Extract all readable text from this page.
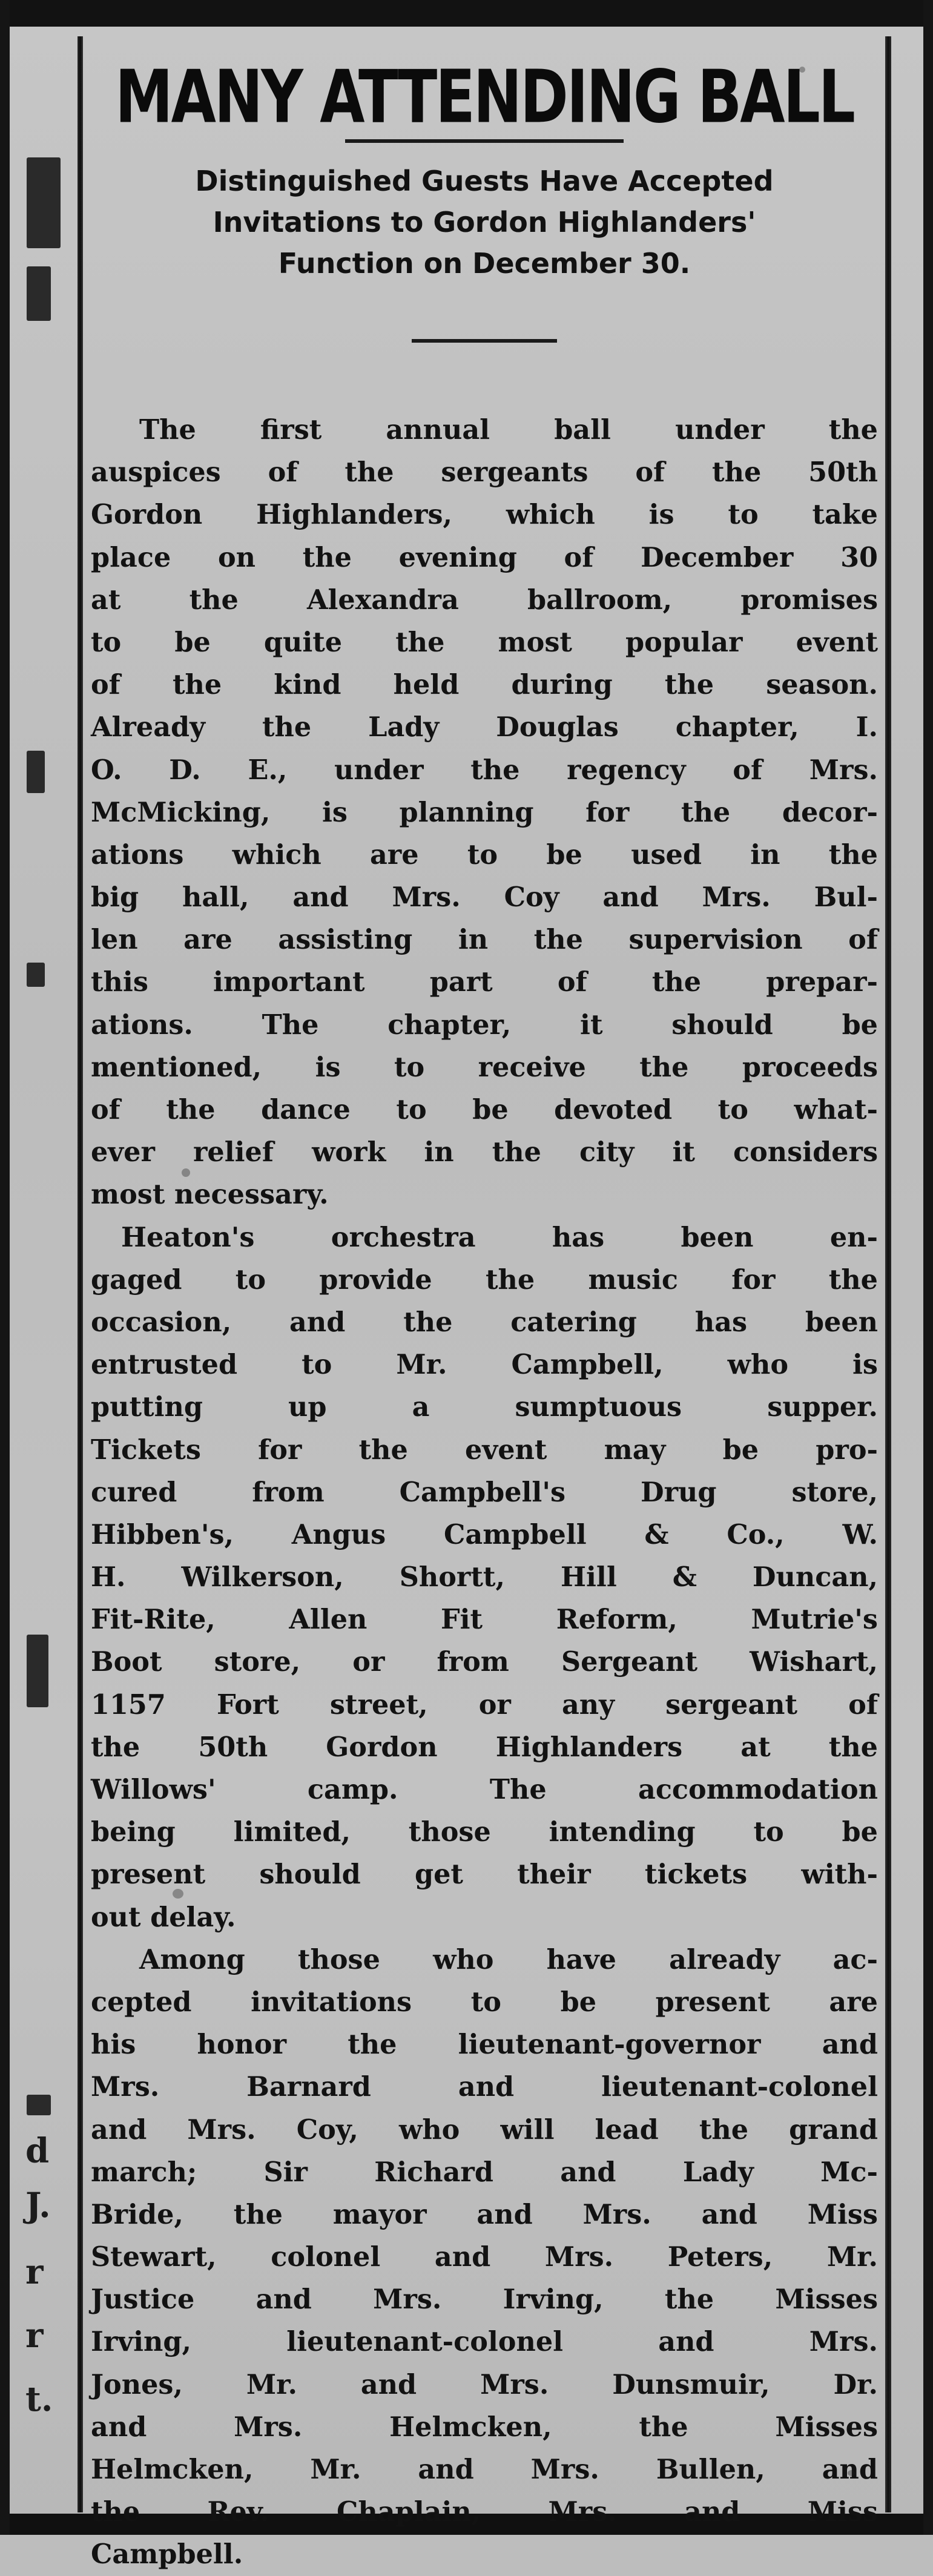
d
J.
r
r
t.
MANY ATTENDING BALL
Distinguished Guests Have Accepted
Invitations to Gordon Highlanders'
Function on December 30.
The first annual ball under the
auspices of the sergeants of the 50th
Gordon Highlanders, which is to take
place on the evening of December 30
at the Alexandra ballroom, promises
to be quite the most popular event
of the kind held during the season.
Already the Lady Douglas chapter, I.
O. D. E., under the regency of Mrs.
McMicking, is planning for the decor-
ations which are to be used in the
big hall, and Mrs. Coy and Mrs. Bul-
len are assisting in the supervision of
this important part of the prepar-
ations. The chapter, it should be
mentioned, is to receive the proceeds
of the dance to be devoted to what-
ever relief work in the city it considers
most necessary.
Heaton's orchestra has been en-
gaged to provide the music for the
occasion, and the catering has been
entrusted to Mr. Campbell, who is
putting up a sumptuous supper.
Tickets for the event may be pro-
cured from Campbell's Drug store,
Hibben's, Angus Campbell & Co., W.
H. Wilkerson, Shortt, Hill & Duncan,
Fit-Rite, Allen Fit Reform, Mutrie's
Boot store, or from Sergeant Wishart,
1157 Fort street, or any sergeant of
the 50th Gordon Highlanders at the
Willows' camp. The accommodation
being limited, those intending to be
present should get their tickets with-
out delay.
Among those who have already ac-
cepted invitations to be present are
his honor the lieutenant-governor and
Mrs. Barnard and lieutenant-colonel
and Mrs. Coy, who will lead the grand
march; Sir Richard and Lady Mc-
Bride, the mayor and Mrs. and Miss
Stewart, colonel and Mrs. Peters, Mr.
Justice and Mrs. Irving, the Misses
Irving, lieutenant-colonel and Mrs.
Jones, Mr. and Mrs. Dunsmuir, Dr.
and Mrs. Helmcken, the Misses
Helmcken, Mr. and Mrs. Bullen, and
the Rev. Chaplain, Mrs. and Miss
Campbell.
